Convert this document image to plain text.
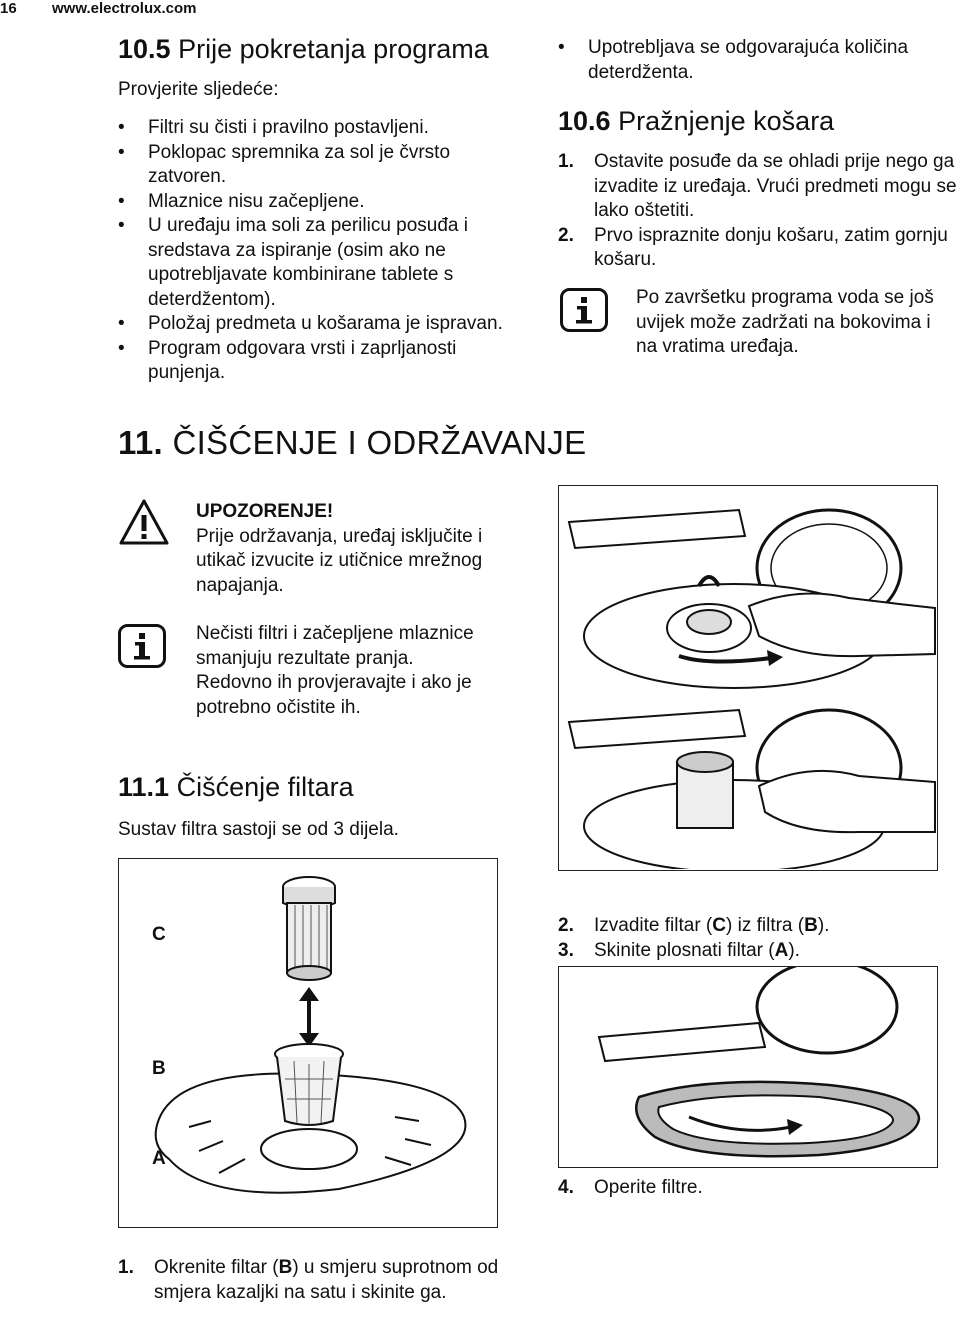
16 www.electrolux.com
10.5 Prije pokretanja programa
Provjerite sljedeće:
• Filtri su čisti i pravilno postavljeni.
• Poklopac spremnika za sol je čvrsto zatvoren.
• Mlaznice nisu začepljene.
• U uređaju ima soli za perilicu posuđa i sredstava za ispiranje (osim ako ne upotrebljavate kombinirane tablete s deterdžentom).
• Položaj predmeta u košarama je ispravan.
• Program odgovara vrsti i zaprljanosti punjenja.
• Upotrebljava se odgovarajuća količina deterdženta.
10.6 Pražnjenje košara
1. Ostavite posuđe da se ohladi prije nego ga izvadite iz uređaja. Vrući predmeti mogu se lako oštetiti.
2. Prvo ispraznite donju košaru, zatim gornju košaru.
Po završetku programa voda se još uvijek može zadržati na bokovima i na vratima uređaja.
11. ČIŠĆENJE I ODRŽAVANJE
UPOZORENJE!
Prije održavanja, uređaj isključite i utikač izvucite iz utičnice mrežnog napajanja.
Nečisti filtri i začepljene mlaznice smanjuju rezultate pranja. Redovno ih provjeravajte i ako je potrebno očistite ih.
11.1 Čišćenje filtara
Sustav filtra sastoji se od 3 dijela.
C
B
A
1. Okrenite filtar (B) u smjeru suprotnom od smjera kazaljki na satu i skinite ga.
2. Izvadite filtar (C) iz filtra (B).
3. Skinite plosnati filtar (A).
4. Operite filtre.
